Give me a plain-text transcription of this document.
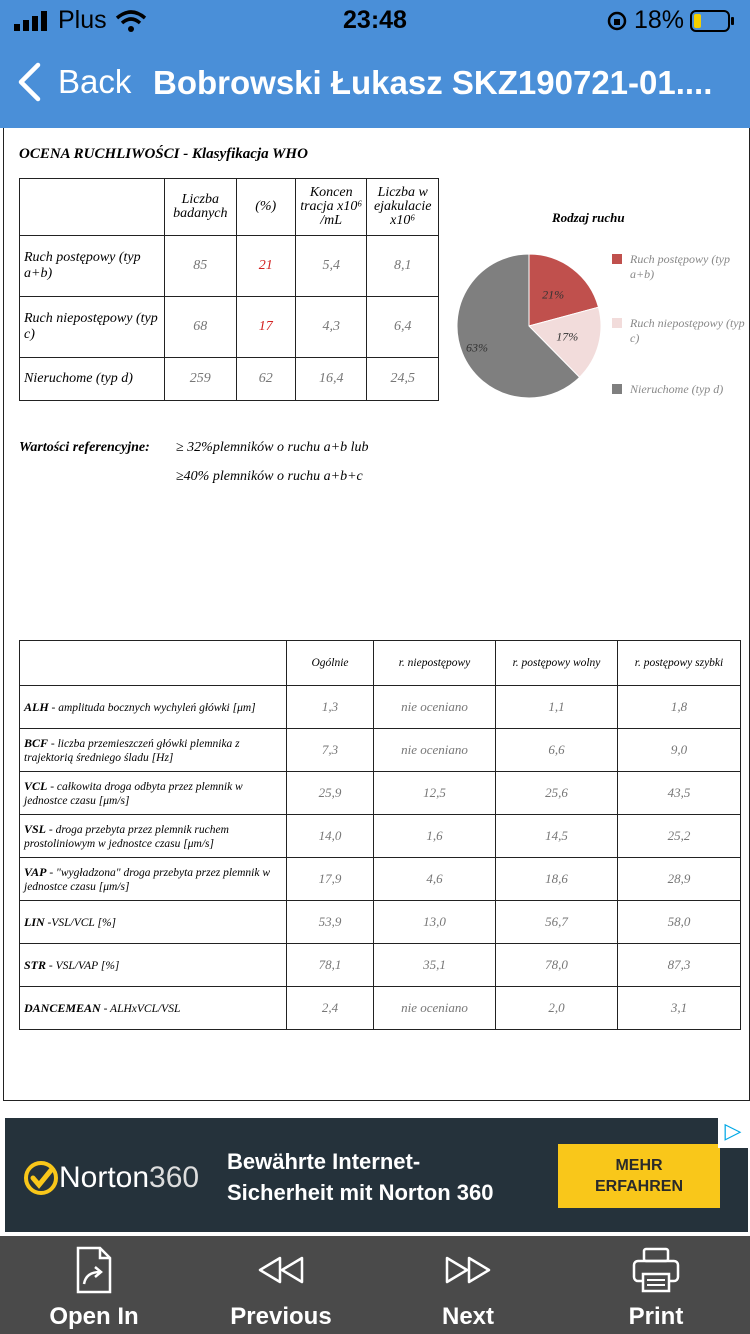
Plus	23:48	18%
Back Bobrowski Łukasz SKZ190721-01....
OCENA RUCHLIWOŚCI - Klasyfikacja WHO
	Liczba badanych	(%)	Koncen tracja x10⁶ /mL	Liczba w ejakulacie x10⁶
Ruch postępowy (typ a+b)	85	21	5,4	8,1
Ruch niepostępowy (typ c)	68	17	4,3	6,4
Nieruchome (typ d)	259	62	16,4	24,5
Rodzaj ruchu
21%
17%
63%
Ruch postępowy (typ a+b)
Ruch niepostępowy (typ c)
Nieruchome (typ d)
Wartości referencyjne: ≥ 32%plemników o ruchu a+b lub
≥40% plemników o ruchu a+b+c
	Ogólnie	r. niepostępowy	r. postępowy wolny	r. postępowy szybki
ALH - amplituda bocznych wychyleń główki [μm]	1,3	nie oceniano	1,1	1,8
BCF - liczba przemieszczeń główki plemnika z trajektorią średniego śladu [Hz]	7,3	nie oceniano	6,6	9,0
VCL - całkowita droga odbyta przez plemnik w jednostce czasu [μm/s]	25,9	12,5	25,6	43,5
VSL - droga przebyta przez plemnik ruchem prostoliniowym w jednostce czasu [μm/s]	14,0	1,6	14,5	25,2
VAP - "wygładzona" droga przebyta przez plemnik w jednostce czasu [μm/s]	17,9	4,6	18,6	28,9
LIN -VSL/VCL [%]	53,9	13,0	56,7	58,0
STR - VSL/VAP [%]	78,1	35,1	78,0	87,3
DANCEMEAN - ALHxVCL/VSL	2,4	nie oceniano	2,0	3,1
Norton 360 Bewährte Internet-
Sicherheit mit Norton 360
MEHR
ERFAHREN
▷
Open In	Previous	Next	Print
